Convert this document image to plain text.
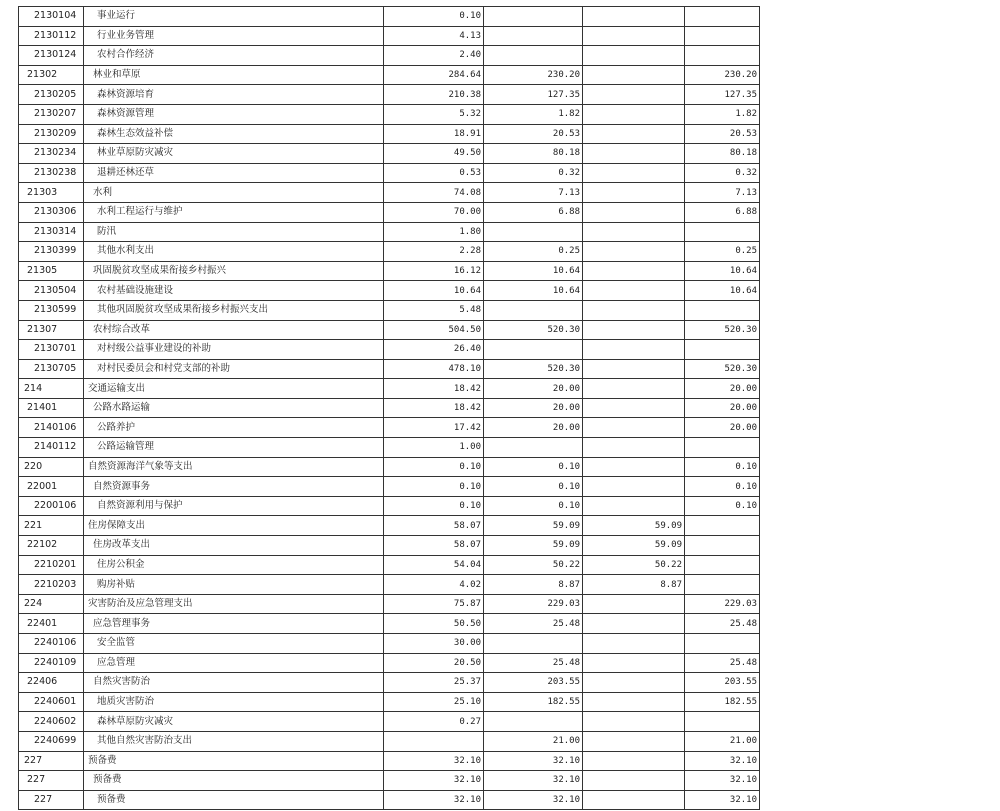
2130104	事业运行	0.10			
2130112	行业业务管理	4.13			
2130124	农村合作经济	2.40			
21302	林业和草原	284.64	230.20		230.20
2130205	森林资源培育	210.38	127.35		127.35
2130207	森林资源管理	5.32	1.82		1.82
2130209	森林生态效益补偿	18.91	20.53		20.53
2130234	林业草原防灾减灾	49.50	80.18		80.18
2130238	退耕还林还草	0.53	0.32		0.32
21303	水利	74.08	7.13		7.13
2130306	水利工程运行与维护	70.00	6.88		6.88
2130314	防汛	1.80			
2130399	其他水利支出	2.28	0.25		0.25
21305	巩固脱贫攻坚成果衔接乡村振兴	16.12	10.64		10.64
2130504	农村基础设施建设	10.64	10.64		10.64
2130599	其他巩固脱贫攻坚成果衔接乡村振兴支出	5.48			
21307	农村综合改革	504.50	520.30		520.30
2130701	对村级公益事业建设的补助	26.40			
2130705	对村民委员会和村党支部的补助	478.10	520.30		520.30
214	交通运输支出	18.42	20.00		20.00
21401	公路水路运输	18.42	20.00		20.00
2140106	公路养护	17.42	20.00		20.00
2140112	公路运输管理	1.00			
220	自然资源海洋气象等支出	0.10	0.10		0.10
22001	自然资源事务	0.10	0.10		0.10
2200106	自然资源利用与保护	0.10	0.10		0.10
221	住房保障支出	58.07	59.09	59.09	
22102	住房改革支出	58.07	59.09	59.09	
2210201	住房公积金	54.04	50.22	50.22	
2210203	购房补贴	4.02	8.87	8.87	
224	灾害防治及应急管理支出	75.87	229.03		229.03
22401	应急管理事务	50.50	25.48		25.48
2240106	安全监管	30.00			
2240109	应急管理	20.50	25.48		25.48
22406	自然灾害防治	25.37	203.55		203.55
2240601	地质灾害防治	25.10	182.55		182.55
2240602	森林草原防灾减灾	0.27			
2240699	其他自然灾害防治支出		21.00		21.00
227	预备费	32.10	32.10		32.10
227	预备费	32.10	32.10		32.10
227	预备费	32.10	32.10		32.10
